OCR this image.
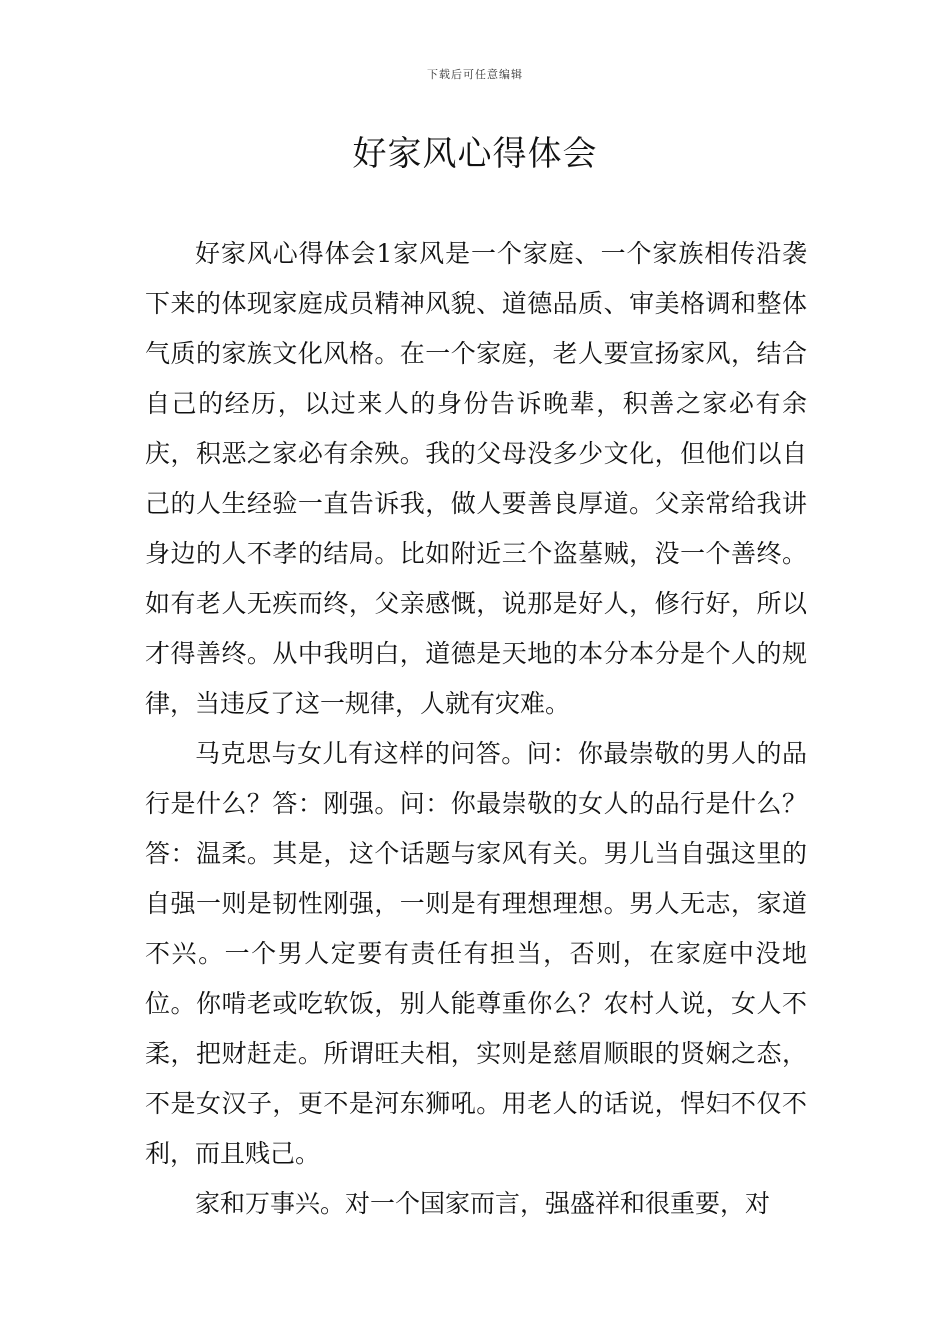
下载后可任意编辑
好家风心得体会

好家风心得体会1家风是一个家庭、一个家族相传沿袭下来的体现家庭成员精神风貌、道德品质、审美格调和整体气质的家族文化风格。在一个家庭，老人要宣扬家风，结合自己的经历，以过来人的身份告诉晚辈，积善之家必有余庆，积恶之家必有余殃。我的父母没多少文化，但他们以自己的人生经验一直告诉我，做人要善良厚道。父亲常给我讲身边的人不孝的结局。比如附近三个盗墓贼，没一个善终。如有老人无疾而终，父亲感慨，说那是好人，修行好，所以才得善终。从中我明白，道德是天地的本分本分是个人的规律，当违反了这一规律，人就有灾难。

马克思与女儿有这样的问答。问：你最崇敬的男人的品行是什么？答：刚强。问：你最崇敬的女人的品行是什么？答：温柔。其是，这个话题与家风有关。男儿当自强这里的自强一则是韧性刚强，一则是有理想理想。男人无志，家道不兴。一个男人定要有责任有担当，否则，在家庭中没地位。你啃老或吃软饭，别人能尊重你么？农村人说，女人不柔，把财赶走。所谓旺夫相，实则是慈眉顺眼的贤娴之态，不是女汉子，更不是河东狮吼。用老人的话说，悍妇不仅不利，而且贱己。

家和万事兴。对一个国家而言，强盛祥和很重要，对
